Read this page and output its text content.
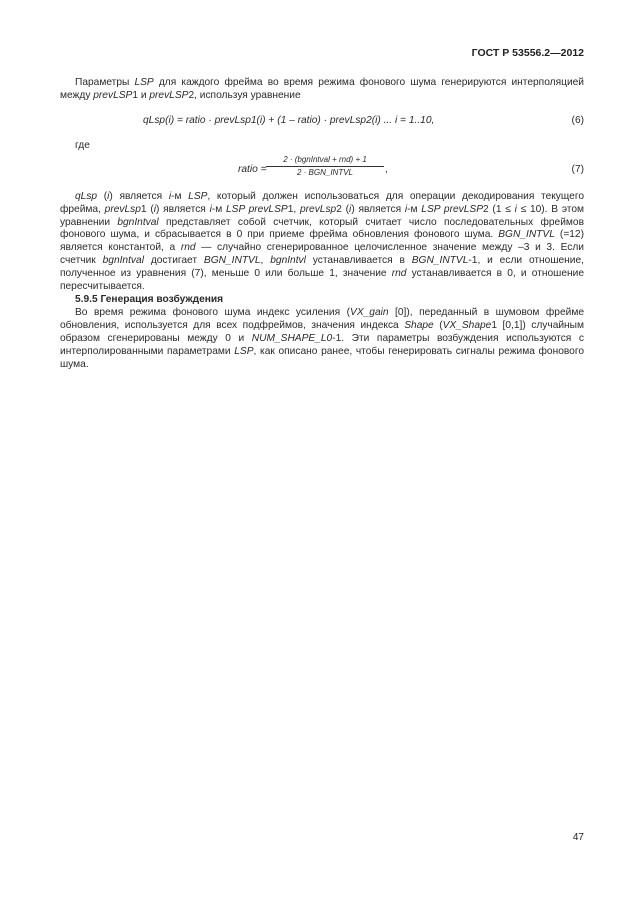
ГОСТ Р 53556.2—2012

Параметры LSP для каждого фрейма во время режима фонового шума генерируются интерполяцией между prevLSP1 и prevLSP2, используя уравнение

qLsp(i) = ratio · prevLsp1(i) + (1 – ratio) · prevLsp2(i) ... i = 1..10,	(6)

где

ratio =
2 · (bgnIntval + rnd) + 1
2 · BGN_INTVL	,	(7)

qLsp (i) является i-м LSP, который должен использоваться для операции декодирования текущего фрейма, prevLsp1 (i) является i-м LSP prevLSP1, prevLsp2 (i) является i-м LSP prevLSP2 (1 ≤ i ≤ 10). В этом уравнении bgnIntval представляет собой счетчик, который считает число последовательных фреймов фонового шума, и сбрасывается в 0 при приеме фрейма обновления фонового шума. BGN_INTVL (=12) является константой, а rnd — случайно сгенерированное целочисленное значение между –3 и 3. Если счетчик bgnIntval достигает BGN_INTVL, bgnIntvl устанавливается в BGN_INTVL-1, и если отношение, полученное из уравнения (7), меньше 0 или больше 1, значение rnd устанавливается в 0, и отношение пересчитывается.

5.9.5 Генерация возбуждения

Во время режима фонового шума индекс усиления (VX_gain [0]), переданный в шумовом фрейме обновления, используется для всех подфреймов, значения индекса Shape (VX_Shape1 [0,1]) случайным образом сгенерированы между 0 и NUM_SHAPE_L0-1. Эти параметры возбуждения используются с интерполированными параметрами LSP, как описано ранее, чтобы генерировать сигналы режима фонового шума.

47
